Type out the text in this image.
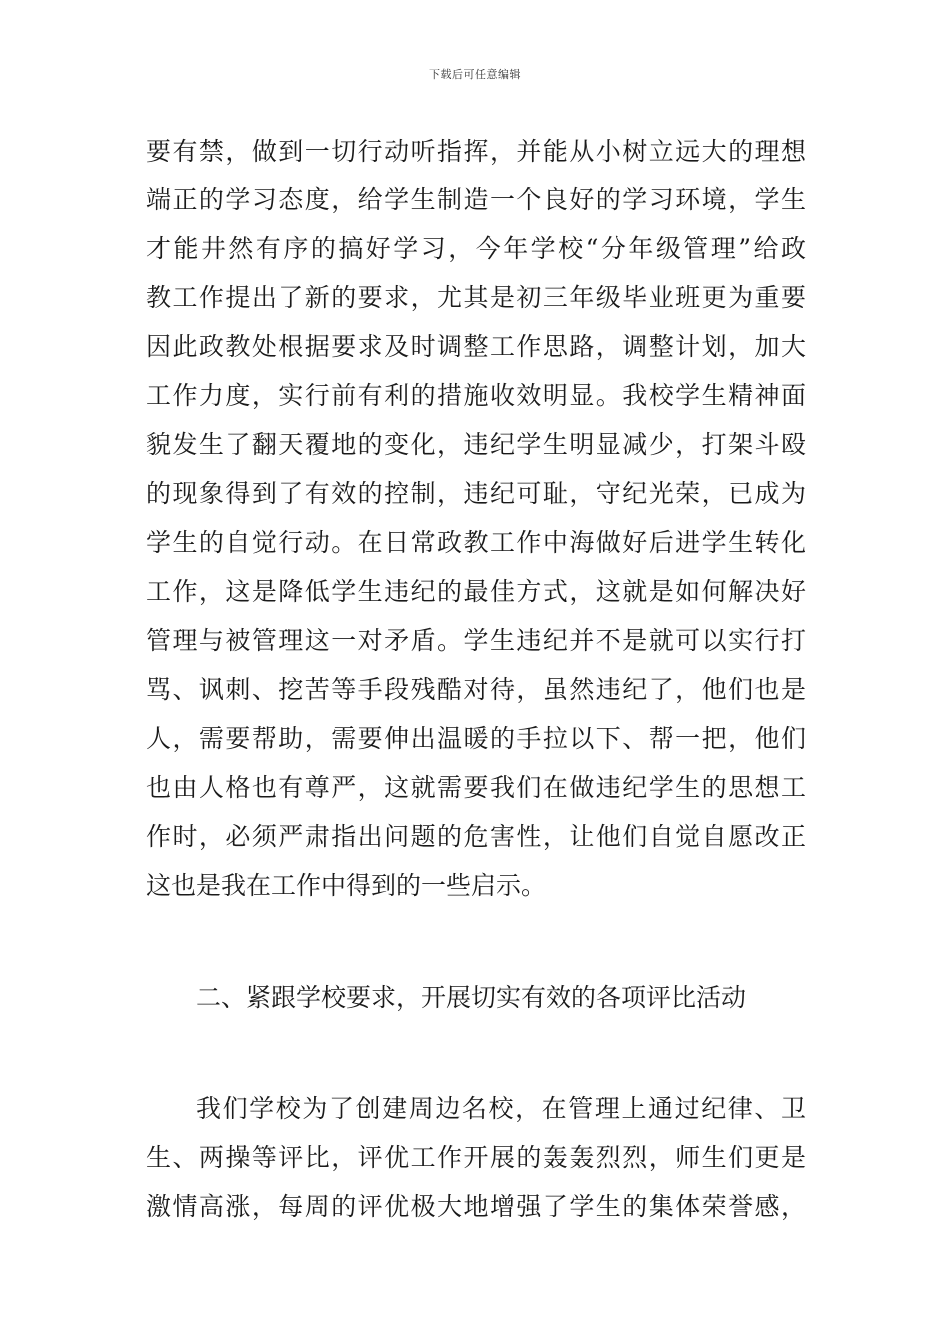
下载后可任意编辑
要有禁，做到一切行动听指挥，并能从小树立远大的理想
端正的学习态度，给学生制造一个良好的学习环境，学生
才能井然有序的搞好学习，今年学校“分年级管理”给政
教工作提出了新的要求，尤其是初三年级毕业班更为重要
因此政教处根据要求及时调整工作思路，调整计划，加大
工作力度，实行前有利的措施收效明显。我校学生精神面
貌发生了翻天覆地的变化，违纪学生明显减少，打架斗殴
的现象得到了有效的控制，违纪可耻，守纪光荣，已成为
学生的自觉行动。在日常政教工作中海做好后进学生转化
工作，这是降低学生违纪的最佳方式，这就是如何解决好
管理与被管理这一对矛盾。学生违纪并不是就可以实行打
骂、讽刺、挖苦等手段残酷对待，虽然违纪了，他们也是
人，需要帮助，需要伸出温暖的手拉以下、帮一把，他们
也由人格也有尊严，这就需要我们在做违纪学生的思想工
作时，必须严肃指出问题的危害性，让他们自觉自愿改正
这也是我在工作中得到的一些启示。
二、紧跟学校要求，开展切实有效的各项评比活动
我们学校为了创建周边名校，在管理上通过纪律、卫
生、两操等评比，评优工作开展的轰轰烈烈，师生们更是
激情高涨，每周的评优极大地增强了学生的集体荣誉感，
